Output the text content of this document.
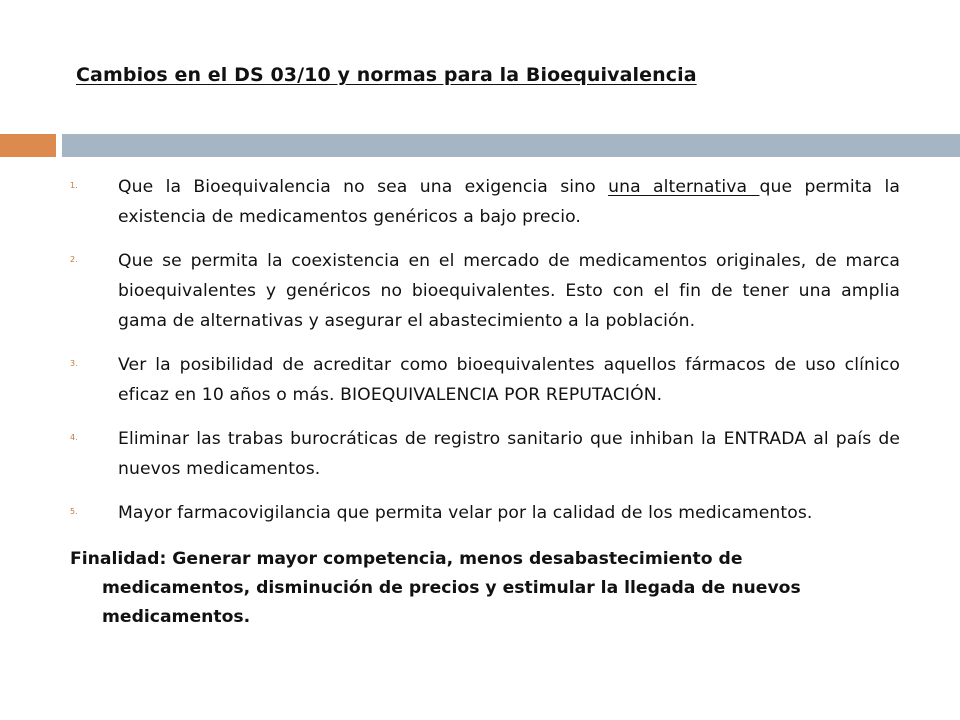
Cambios en el DS 03/10 y normas para la Bioequivalencia
1.	Que la Bioequivalencia no sea una exigencia sino una alternativa que permita la existencia de medicamentos genéricos a bajo precio.
2.	Que se permita la coexistencia en el mercado de medicamentos originales, de marca bioequivalentes y genéricos no bioequivalentes. Esto con el fin de tener una amplia gama de alternativas y asegurar el abastecimiento a la población.
3.	Ver la posibilidad de acreditar como bioequivalentes aquellos fármacos de uso clínico eficaz en 10 años o más. BIOEQUIVALENCIA POR REPUTACIÓN.
4.	Eliminar las trabas burocráticas de registro sanitario que inhiban la ENTRADA al país de nuevos medicamentos.
5.	Mayor farmacovigilancia que permita velar por la calidad de los medicamentos.
Finalidad: Generar mayor competencia, menos desabastecimiento de medicamentos, disminución de precios y estimular la llegada de nuevos medicamentos.
